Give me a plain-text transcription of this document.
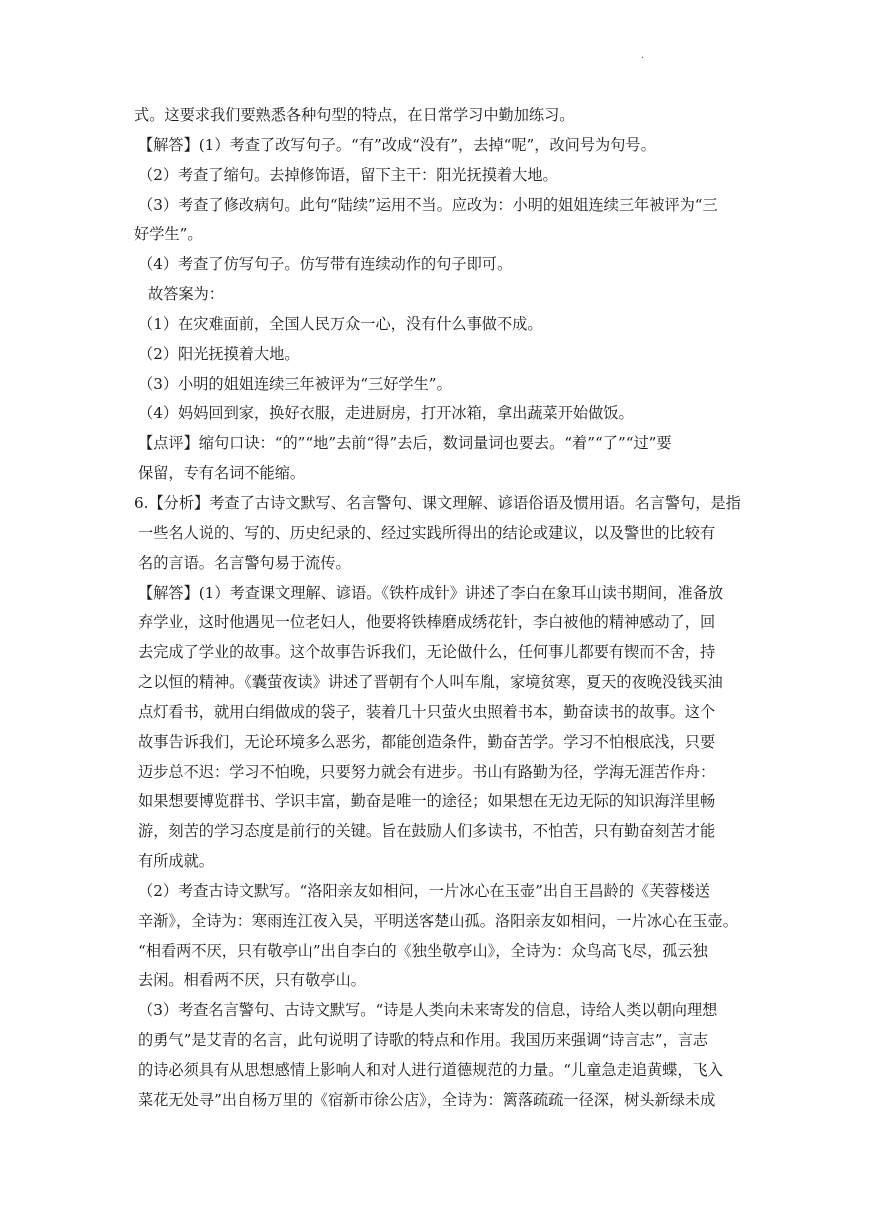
·
式。这要求我们要熟悉各种句型的特点，在日常学习中勤加练习。
【解答】(1）考查了改写句子。“有”改成“没有”，去掉“呢”，改问号为句号。
（2）考查了缩句。去掉修饰语，留下主干：阳光抚摸着大地。
（3）考查了修改病句。此句“陆续”运用不当。应改为：小明的姐姐连续三年被评为“三
好学生”。
（4）考查了仿写句子。仿写带有连续动作的句子即可。
故答案为：
（1）在灾难面前，全国人民万众一心，没有什么事做不成。
（2）阳光抚摸着大地。
（3）小明的姐姐连续三年被评为“三好学生”。
（4）妈妈回到家，换好衣服，走进厨房，打开冰箱，拿出蔬菜开始做饭。
【点评】缩句口诀：“的”“地”去前“得”去后，数词量词也要去。“着”“了”“过”要
保留，专有名词不能缩。
6.【分析】考查了古诗文默写、名言警句、课文理解、谚语俗语及惯用语。名言警句，是指
一些名人说的、写的、历史纪录的、经过实践所得出的结论或建议，以及警世的比较有
名的言语。名言警句易于流传。
【解答】(1）考查课文理解、谚语。《铁杵成针》讲述了李白在象耳山读书期间，准备放
弃学业，这时他遇见一位老妇人，他要将铁棒磨成绣花针，李白被他的精神感动了，回
去完成了学业的故事。这个故事告诉我们，无论做什么，任何事儿都要有锲而不舍，持
之以恒的精神。《囊萤夜读》讲述了晋朝有个人叫车胤，家境贫寒，夏天的夜晚没钱买油
点灯看书，就用白绢做成的袋子，装着几十只萤火虫照着书本，勤奋读书的故事。这个
故事告诉我们，无论环境多么恶劣，都能创造条件，勤奋苦学。学习不怕根底浅，只要
迈步总不迟：学习不怕晚，只要努力就会有进步。书山有路勤为径，学海无涯苦作舟：
如果想要博览群书、学识丰富，勤奋是唯一的途径；如果想在无边无际的知识海洋里畅
游，刻苦的学习态度是前行的关键。旨在鼓励人们多读书，不怕苦，只有勤奋刻苦才能
有所成就。
（2）考查古诗文默写。“洛阳亲友如相问，一片冰心在玉壶”出自王昌龄的《芙蓉楼送
辛渐》，全诗为：寒雨连江夜入吴，平明送客楚山孤。洛阳亲友如相问，一片冰心在玉壶。
“相看两不厌，只有敬亭山”出自李白的《独坐敬亭山》，全诗为：众鸟高飞尽，孤云独
去闲。相看两不厌，只有敬亭山。
（3）考查名言警句、古诗文默写。“诗是人类向未来寄发的信息，诗给人类以朝向理想
的勇气”是艾青的名言，此句说明了诗歌的特点和作用。我国历来强调“诗言志”，言志
的诗必须具有从思想感情上影响人和对人进行道德规范的力量。“儿童急走追黄蝶，飞入
菜花无处寻”出自杨万里的《宿新市徐公店》，全诗为：篱落疏疏一径深，树头新绿未成
